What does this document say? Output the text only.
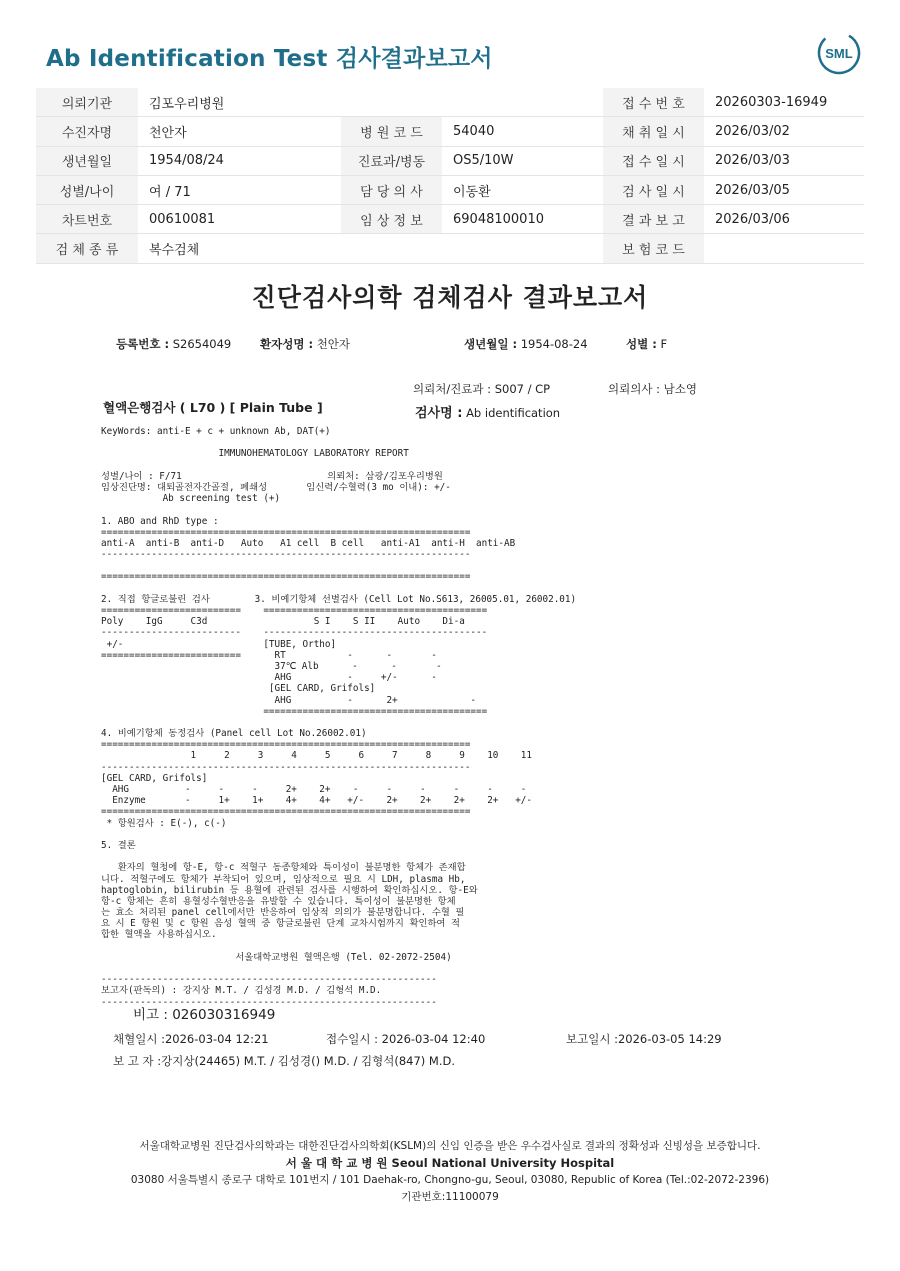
Ab Identification Test 검사결과보고서	SML
의뢰기관	김포우리병원			접 수 번 호	20260303-16949
수진자명	천안자	병 원 코 드	54040	채 취 일 시	2026/03/02
생년월일	1954/08/24	진료과/병동	OS5/10W	접 수 일 시	2026/03/03
성별/나이	여 / 71	담 당 의 사	이동환	검 사 일 시	2026/03/05
차트번호	00610081	임 상 정 보	69048100010	결 과 보 고	2026/03/06
검 체 종 류	복수검체			보 험 코 드	
진단검사의학 검체검사 결과보고서
등록번호 : S2654049	환자성명 : 천안자	생년월일 : 1954-08-24	성별 : F
의뢰처/진료과 : S007 / CP	의뢰의사 : 남소영
혈액은행검사 ( L70 ) [ Plain Tube ]	검사명 : Ab identification
KeyWords: anti-E + c + unknown Ab, DAT(+)
IMMUNOHEMATOLOGY LABORATORY REPORT
성별/나이 : F/71                          의뢰처: 삼광/김포우리병원
임상진단명: 대퇴골전자간골절, 폐쇄성       임신력/수혈력(3 mo 이내): +/-
Ab screening test (+)
1. ABO and RhD type :
==================================================================
anti-A  anti-B  anti-D   Auto   A1 cell  B cell   anti-A1  anti-H  anti-AB
------------------------------------------------------------------
==================================================================
2. 직접 항글로불린 검사        3. 비예기항체 선별검사 (Cell Lot No.S613, 26005.01, 26002.01)
=========================    ========================================
Poly    IgG     C3d                   S I    S II    Auto    Di-a
-------------------------    ----------------------------------------
+/-                         [TUBE, Ortho]
=========================      RT           -      -       -
37℃ Alb      -      -       -
AHG          -     +/-      -
[GEL CARD, Grifols]
AHG          -      2+             -
========================================
4. 비예기항체 동정검사 (Panel cell Lot No.26002.01)
==================================================================
1     2     3     4     5     6     7     8     9    10    11
------------------------------------------------------------------
[GEL CARD, Grifols]
AHG          -     -     -     2+    2+    -     -     -     -     -     -
Enzyme       -     1+    1+    4+    4+   +/-    2+    2+    2+    2+   +/-
==================================================================
* 항원검사 : E(-), c(-)
5. 결론
환자의 혈청에 항-E, 항-c 적혈구 동종항체와 특이성이 불분명한 항체가 존재합
니다. 적혈구에도 항체가 부착되어 있으며, 임상적으로 필요 시 LDH, plasma Hb,
haptoglobin, bilirubin 등 용혈에 관련된 검사를 시행하여 확인하십시오. 항-E와
항-c 항체는 흔히 용혈성수혈반응을 유발할 수 있습니다. 특이성이 불분명한 항체
는 효소 처리된 panel cell에서만 반응하여 임상적 의의가 불분명합니다. 수혈 필
요 시 E 항원 및 c 항원 음성 혈액 중 항글로불린 단계 교차시험까지 확인하여 적
합한 혈액을 사용하십시오.
서울대학교병원 혈액은행 (Tel. 02-2072-2504)
------------------------------------------------------------
보고자(판독의) : 강지상 M.T. / 김성경 M.D. / 김형석 M.D.
------------------------------------------------------------
비고 : 026030316949
채혈일시 :2026-03-04 12:21	접수일시 : 2026-03-04 12:40	보고일시 :2026-03-05 14:29
보 고 자 :강지상(24465) M.T. / 김성경() M.D. / 김형석(847) M.D.
서울대학교병원 진단검사의학과는 대한진단검사의학회(KSLM)의 신임 인증을 받은 우수검사실로 결과의 정확성과 신빙성을 보증합니다.
서 울 대 학 교 병 원 Seoul National University Hospital
03080 서울특별시 종로구 대학로 101번지 / 101 Daehak-ro, Chongno-gu, Seoul, 03080, Republic of Korea (Tel.:02-2072-2396)
기관번호:11100079
